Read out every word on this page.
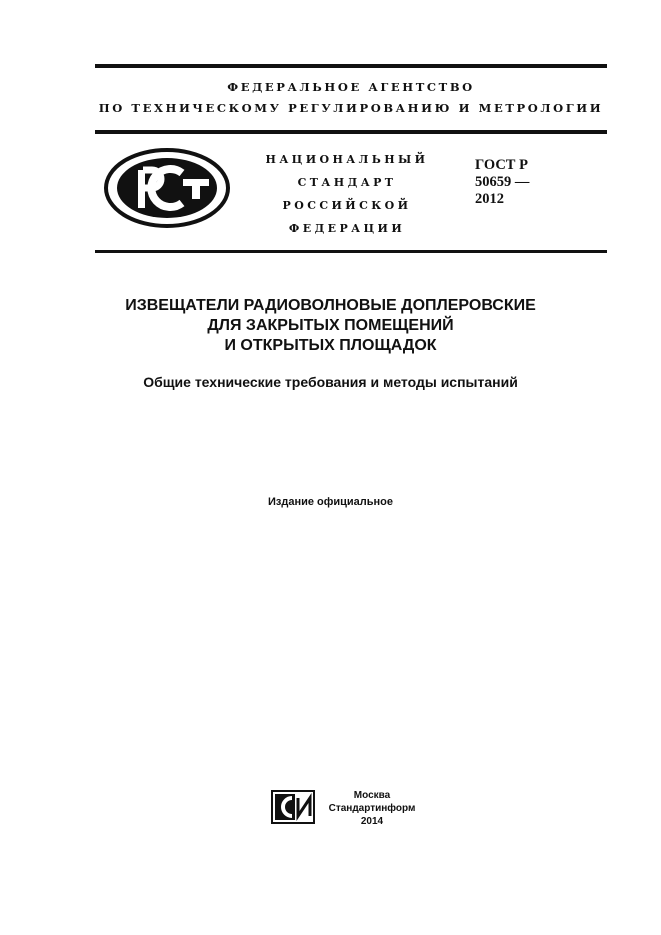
ФЕДЕРАЛЬНОЕ АГЕНТСТВО
ПО ТЕХНИЧЕСКОМУ РЕГУЛИРОВАНИЮ И МЕТРОЛОГИИ
НАЦИОНАЛЬНЫЙ
СТАНДАРТ
РОССИЙСКОЙ
ФЕДЕРАЦИИ
ГОСТ Р
50659 —
2012
ИЗВЕЩАТЕЛИ РАДИОВОЛНОВЫЕ ДОПЛЕРОВСКИЕ
ДЛЯ ЗАКРЫТЫХ ПОМЕЩЕНИЙ
И ОТКРЫТЫХ ПЛОЩАДОК
Общие технические требования и методы испытаний
Издание официальное
Москва
Стандартинформ
2014
